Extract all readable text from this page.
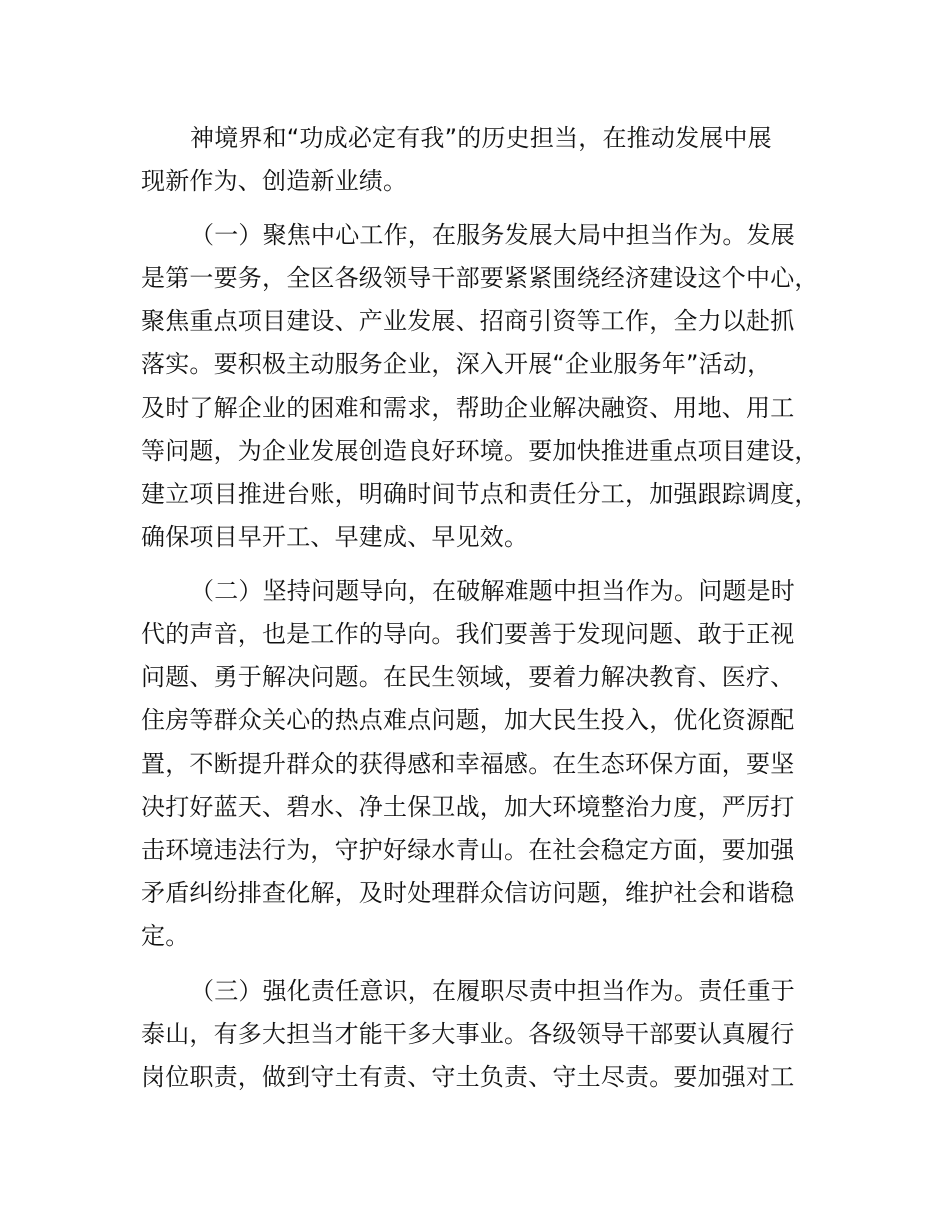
神境界和“功成必定有我”的历史担当，在推动发展中展
现新作为、创造新业绩。
（一）聚焦中心工作，在服务发展大局中担当作为。发展
是第一要务，全区各级领导干部要紧紧围绕经济建设这个中心，
聚焦重点项目建设、产业发展、招商引资等工作，全力以赴抓
落实。要积极主动服务企业，深入开展“企业服务年”活动，
及时了解企业的困难和需求，帮助企业解决融资、用地、用工
等问题，为企业发展创造良好环境。要加快推进重点项目建设，
建立项目推进台账，明确时间节点和责任分工，加强跟踪调度，
确保项目早开工、早建成、早见效。
（二）坚持问题导向，在破解难题中担当作为。问题是时
代的声音，也是工作的导向。我们要善于发现问题、敢于正视
问题、勇于解决问题。在民生领域，要着力解决教育、医疗、
住房等群众关心的热点难点问题，加大民生投入，优化资源配
置，不断提升群众的获得感和幸福感。在生态环保方面，要坚
决打好蓝天、碧水、净土保卫战，加大环境整治力度，严厉打
击环境违法行为，守护好绿水青山。在社会稳定方面，要加强
矛盾纠纷排查化解，及时处理群众信访问题，维护社会和谐稳
定。
（三）强化责任意识，在履职尽责中担当作为。责任重于
泰山，有多大担当才能干多大事业。各级领导干部要认真履行
岗位职责，做到守土有责、守土负责、守土尽责。要加强对工
